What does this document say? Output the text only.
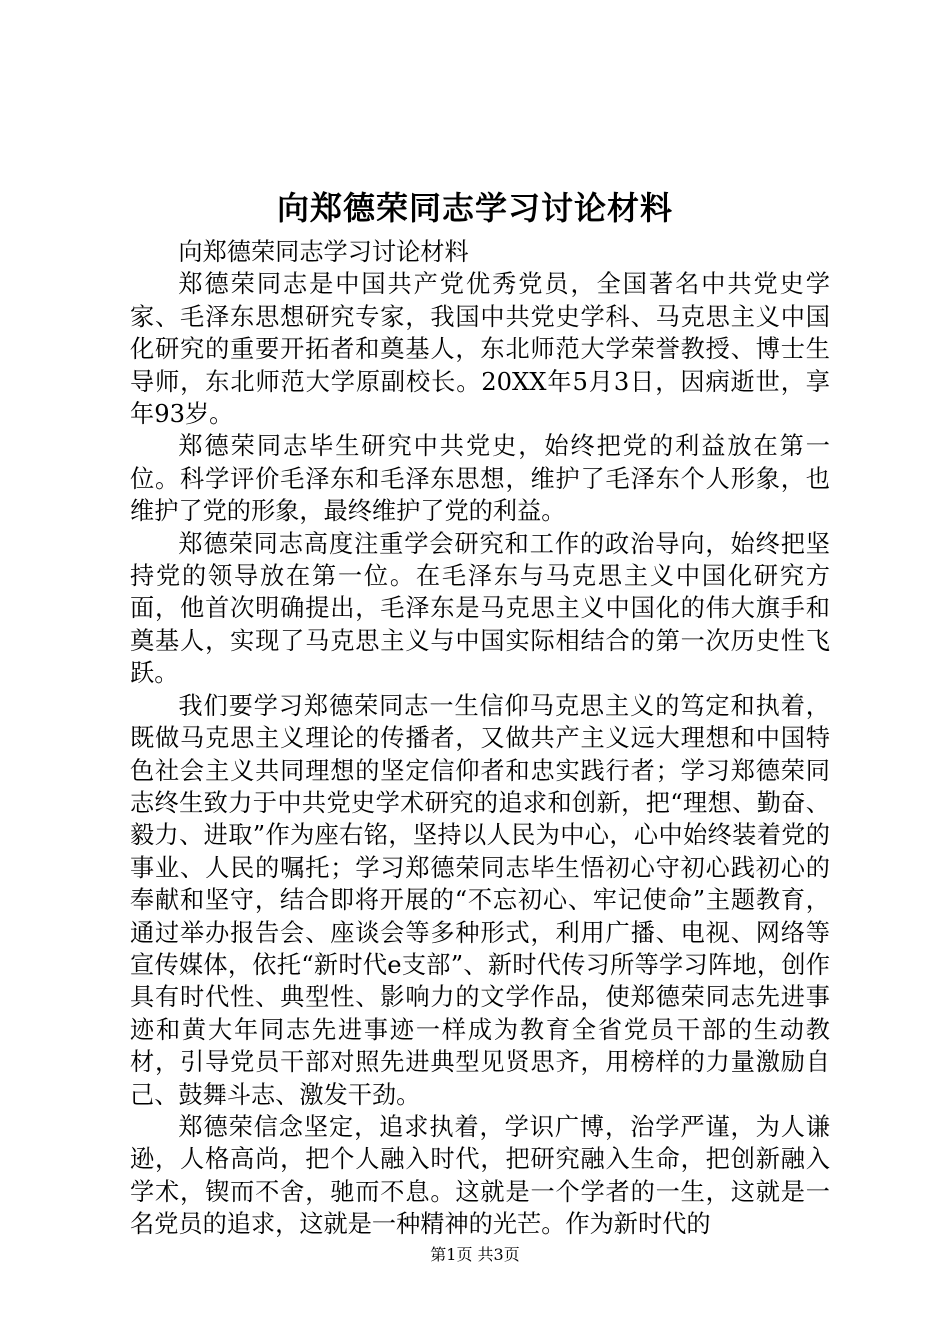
向郑德荣同志学习讨论材料

向郑德荣同志学习讨论材料

郑德荣同志是中国共产党优秀党员，全国著名中共党史学家、毛泽东思想研究专家，我国中共党史学科、马克思主义中国化研究的重要开拓者和奠基人，东北师范大学荣誉教授、博士生导师，东北师范大学原副校长。20XX年5月3日，因病逝世，享年93岁。

郑德荣同志毕生研究中共党史，始终把党的利益放在第一位。科学评价毛泽东和毛泽东思想，维护了毛泽东个人形象，也维护了党的形象，最终维护了党的利益。

郑德荣同志高度注重学会研究和工作的政治导向，始终把坚持党的领导放在第一位。在毛泽东与马克思主义中国化研究方面，他首次明确提出，毛泽东是马克思主义中国化的伟大旗手和奠基人，实现了马克思主义与中国实际相结合的第一次历史性飞跃。

我们要学习郑德荣同志一生信仰马克思主义的笃定和执着，既做马克思主义理论的传播者，又做共产主义远大理想和中国特色社会主义共同理想的坚定信仰者和忠实践行者；学习郑德荣同志终生致力于中共党史学术研究的追求和创新，把“理想、勤奋、毅力、进取”作为座右铭，坚持以人民为中心，心中始终装着党的事业、人民的嘱托；学习郑德荣同志毕生悟初心守初心践初心的奉献和坚守，结合即将开展的“不忘初心、牢记使命”主题教育，通过举办报告会、座谈会等多种形式，利用广播、电视、网络等宣传媒体，依托“新时代e支部”、新时代传习所等学习阵地，创作具有时代性、典型性、影响力的文学作品，使郑德荣同志先进事迹和黄大年同志先进事迹一样成为教育全省党员干部的生动教材，引导党员干部对照先进典型见贤思齐，用榜样的力量激励自己、鼓舞斗志、激发干劲。

郑德荣信念坚定，追求执着，学识广博，治学严谨，为人谦逊，人格高尚，把个人融入时代，把研究融入生命，把创新融入学术，锲而不舍，驰而不息。这就是一个学者的一生，这就是一名党员的追求，这就是一种精神的光芒。作为新时代的

第1页 共3页
